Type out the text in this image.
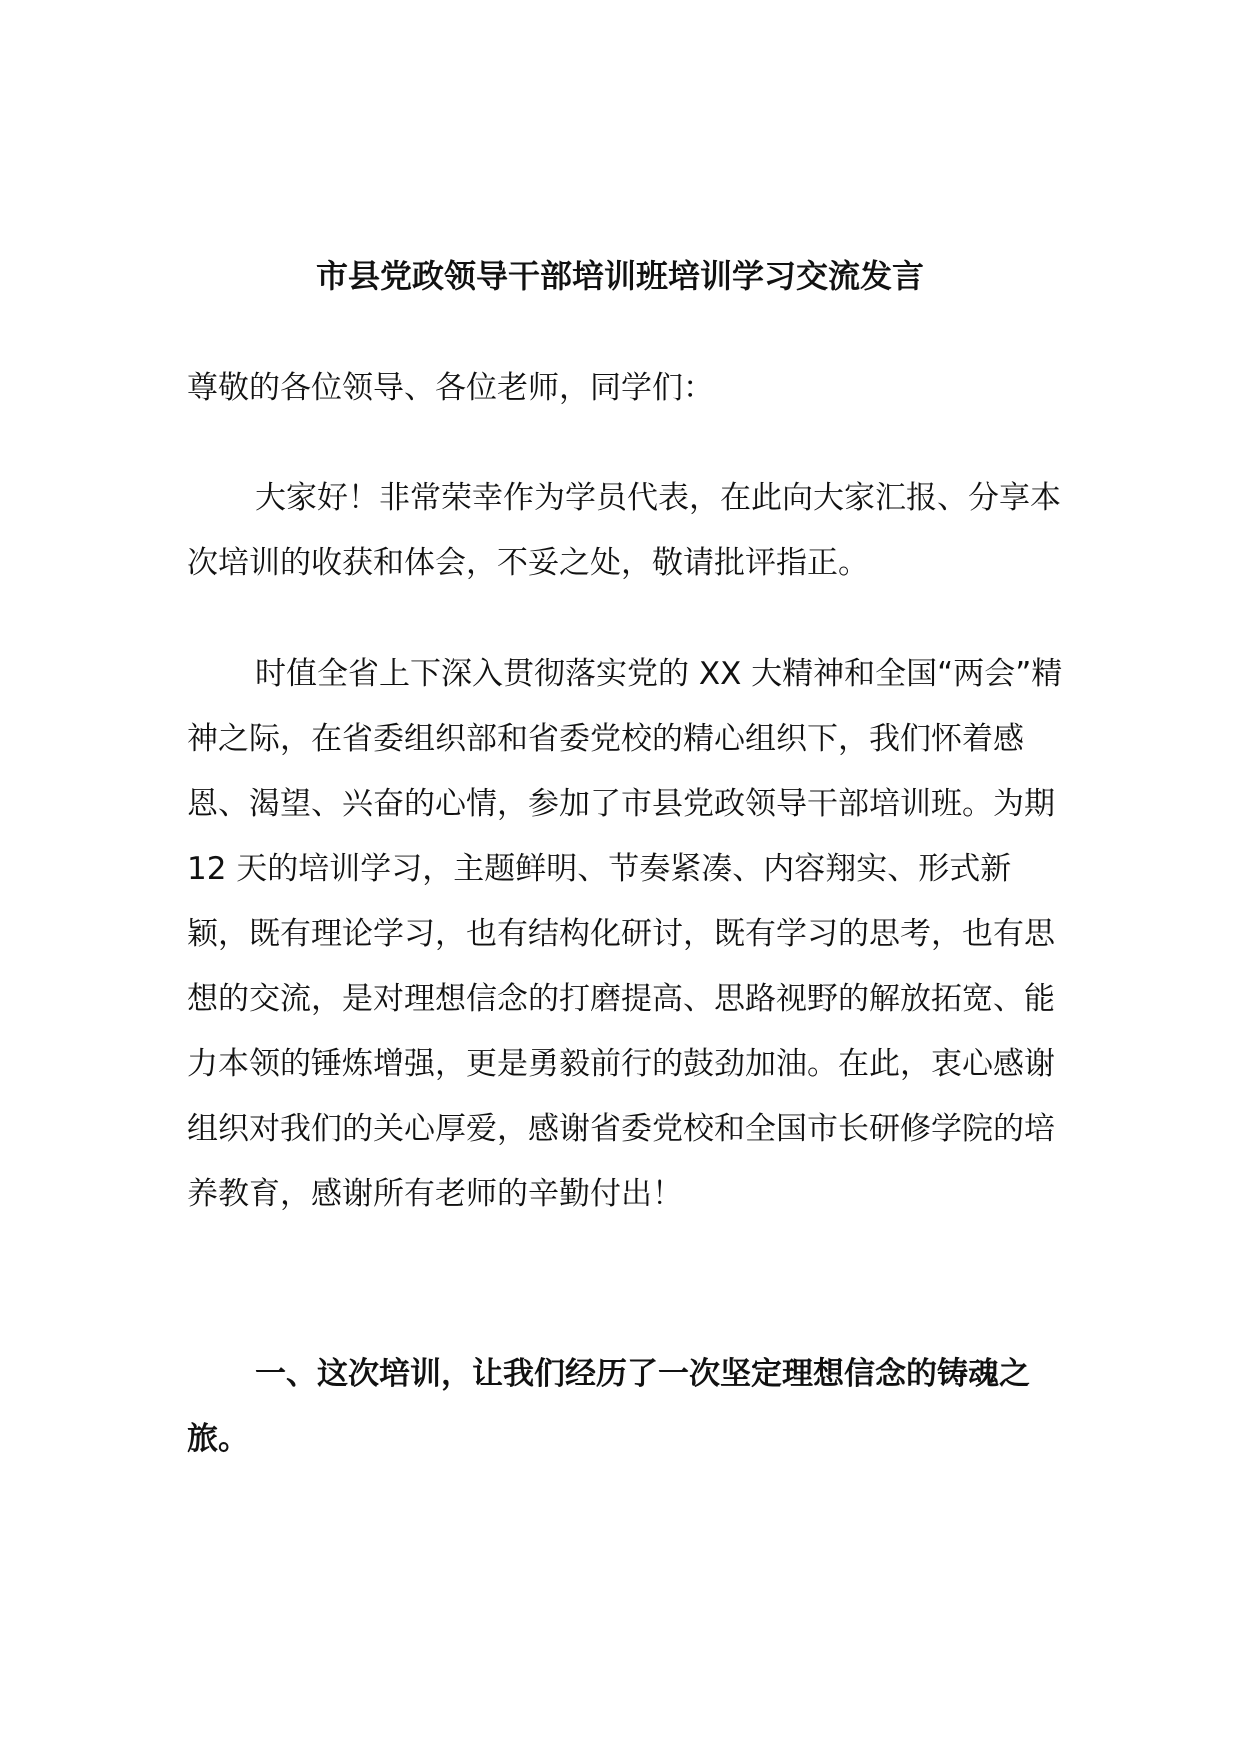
市县党政领导干部培训班培训学习交流发言

尊敬的各位领导、各位老师，同学们：

大家好！非常荣幸作为学员代表，在此向大家汇报、分享本次培训的收获和体会，不妥之处，敬请批评指正。

时值全省上下深入贯彻落实党的 XX 大精神和全国“两会”精神之际，在省委组织部和省委党校的精心组织下，我们怀着感恩、渴望、兴奋的心情，参加了市县党政领导干部培训班。为期 12 天的培训学习，主题鲜明、节奏紧凑、内容翔实、形式新颖，既有理论学习，也有结构化研讨，既有学习的思考，也有思想的交流，是对理想信念的打磨提高、思路视野的解放拓宽、能力本领的锤炼增强，更是勇毅前行的鼓劲加油。在此，衷心感谢组织对我们的关心厚爱，感谢省委党校和全国市长研修学院的培养教育，感谢所有老师的辛勤付出！

一、这次培训，让我们经历了一次坚定理想信念的铸魂之旅。
